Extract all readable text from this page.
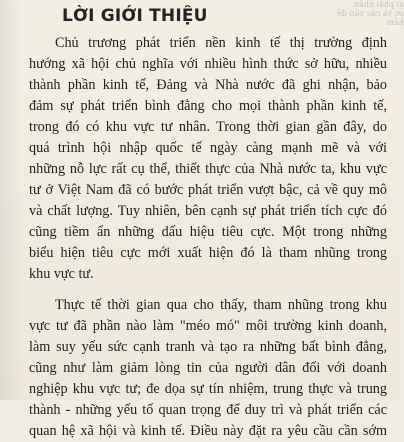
ại phải nhân
ợc và các vấn đề
hầm
LỜI GIỚI THIỆU
Chủ trương phát triển nền kinh tế thị trường định
hướng xã hội chủ nghĩa với nhiều hình thức sở hữu, nhiều
thành phần kinh tế, Đảng và Nhà nước đã ghi nhận, bảo
đảm sự phát triển bình đẳng cho mọi thành phần kinh tế,
trong đó có khu vực tư nhân. Trong thời gian gần đây, do
quá trình hội nhập quốc tế ngày càng mạnh mẽ và với
những nỗ lực rất cụ thể, thiết thực của Nhà nước ta, khu vực
tư ở Việt Nam đã có bước phát triển vượt bậc, cả về quy mô
và chất lượng. Tuy nhiên, bên cạnh sự phát triển tích cực đó
cũng tiềm ẩn những dấu hiệu tiêu cực. Một trong những
biểu hiện tiêu cực mới xuất hiện đó là tham nhũng trong
khu vực tư.
Thực tế thời gian qua cho thấy, tham nhũng trong khu
vực tư đã phần nào làm "méo mó" môi trường kinh doanh,
làm suy yếu sức cạnh tranh và tạo ra những bất bình đẳng,
cũng như làm giảm lòng tin của người dân đối với doanh
nghiệp khu vực tư; đe dọa sự tín nhiệm, trung thực và trung
thành - những yếu tố quan trọng để duy trì và phát triển các
quan hệ xã hội và kinh tế. Điều này đặt ra yêu cầu cần sớm
